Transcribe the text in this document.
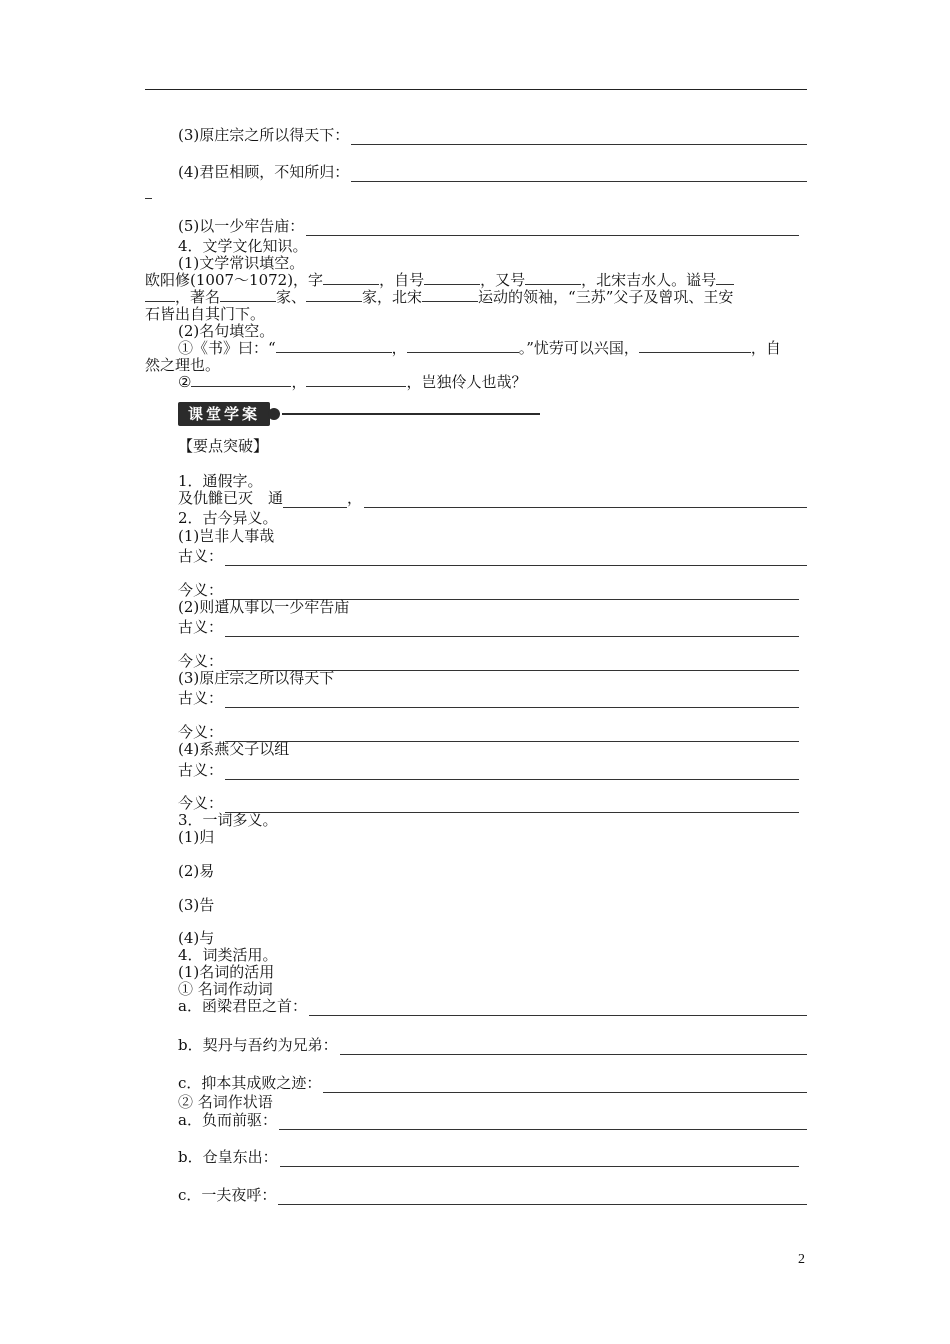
(3)原庄宗之所以得天下：
(4)君臣相顾，不知所归：
(5)以一少牢告庙：
4．文学文化知识。
(1)文学常识填空。
欧阳修(1007～1072)，字	，自号	，又号	，北宋吉水人。谥号
，著名	家、	家，北宋	运动的领袖，“三苏”父子及曾巩、王安
石皆出自其门下。
(2)名句填空。
①《书》曰：“	，	。”忧劳可以兴国，	，自
然之理也。
②	，	，岂独伶人也哉？
课堂学案
【要点突破】
1．通假字。
及仇雠已灭　 通	，
2．古今异义。
(1)岂非人事哉
古义：
今义：
(2)则遣从事以一少牢告庙
古义：
今义：
(3)原庄宗之所以得天下
古义：
今义：
(4)系燕父子以组
古义：
今义：
3．一词多义。
(1)归
(2)易
(3)告
(4)与
4．词类活用。
(1)名词的活用
① 名词作动词
a．函梁君臣之首：
b．契丹与吾约为兄弟：
c．抑本其成败之迹：
② 名词作状语
a．负而前驱：
b．仓皇东出：
c．一夫夜呼：
2
